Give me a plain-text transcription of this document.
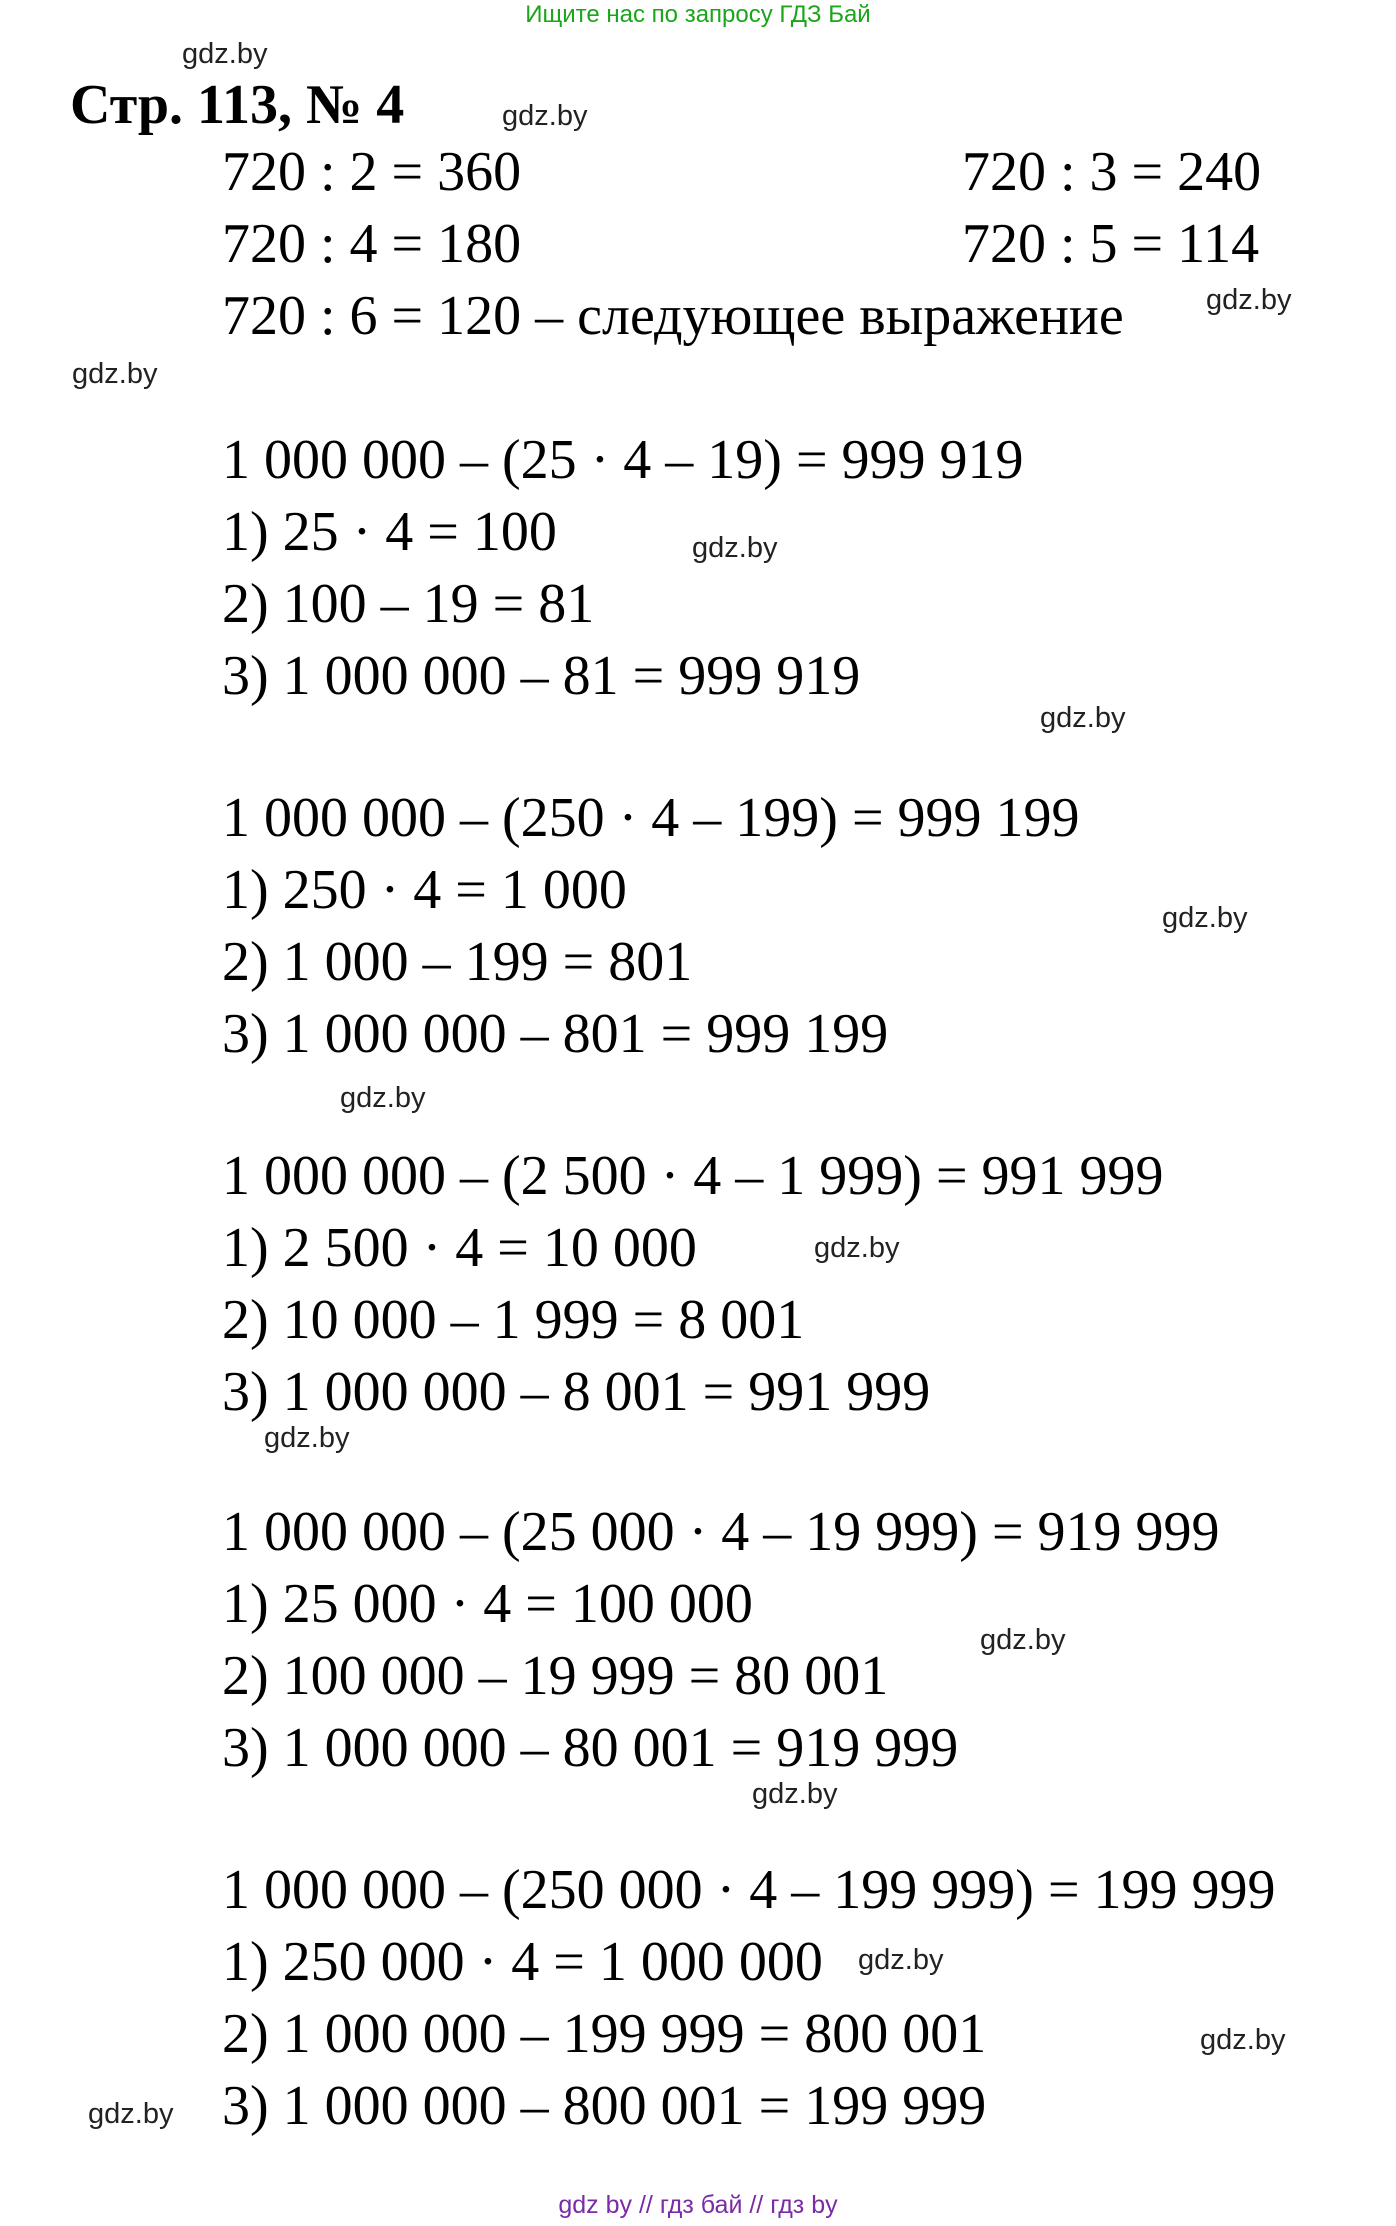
Ищите нас по запросу ГДЗ Бай
gdz.by
Стр. 113, № 4	gdz.by
720 : 2 = 360	720 : 3 = 240
720 : 4 = 180	720 : 5 = 114
720 : 6 = 120 – следующее выражение	gdz.by
gdz.by
1 000 000 – (25 · 4 – 19) = 999 919
1) 25 · 4 = 100	gdz.by
2) 100 – 19 = 81
3) 1 000 000 – 81 = 999 919
gdz.by
1 000 000 – (250 · 4 – 199) = 999 199
1) 250 · 4 = 1 000	gdz.by
2) 1 000 – 199 = 801
3) 1 000 000 – 801 = 999 199
gdz.by
1 000 000 – (2 500 · 4 – 1 999) = 991 999
1) 2 500 · 4 = 10 000	gdz.by
2) 10 000 – 1 999 = 8 001
3) 1 000 000 – 8 001 = 991 999
gdz.by
1 000 000 – (25 000 · 4 – 19 999) = 919 999
1) 25 000 · 4 = 100 000
gdz.by
2) 100 000 – 19 999 = 80 001
3) 1 000 000 – 80 001 = 919 999
gdz.by
1 000 000 – (250 000 · 4 – 199 999) = 199 999
1) 250 000 · 4 = 1 000 000 gdz.by
2) 1 000 000 – 199 999 = 800 001	gdz.by
3) 1 000 000 – 800 001 = 199 999
gdz.by
gdz by // гдз бай // гдз by
